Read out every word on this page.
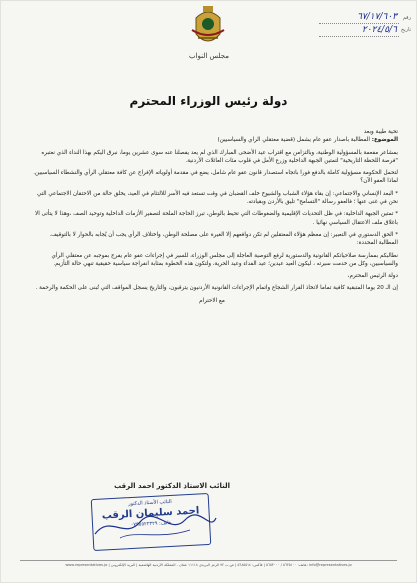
مجلس النواب
رقم
تاريخ
٦٧/١٧/٦٠٣
٢٠٢٤/٥/٦
دولة رئيس الوزراء المحترم
تحية طيبة وبعد
الموضوع: المطالبة باصدار عفو عام يشمل (قضية معتقلي الراي والسياسيين)
بمشاعر مفعمة بالمسؤولية الوطنية، وبالتزامن مع اقتراب عيد الأضحى المبارك الذي لم يعد يفصلنا عنه سوى عشرين يوما، نبرق اليكم بهذا النداء الذي نعتبره "فرصة اللحظة التاريخية" لتمتين الجبهة الداخلية وزرع الأمل في قلوب مئات العائلات الأردنية.
لتحمل الحكومة مسؤولية كاملة بالدفع فورا باتجاه استصدار قانون عفو عام شامل، يضع في مقدمة أولوياته الإفراج عن كافة معتقلي الرأي والنشطاء السياسيين.
لماذا العفو الآن؟
* البعد الإنساني والاجتماعي: إن بقاء هؤلاء الشباب والشيوخ خلف القضبان في وقت تستعد فيه الأسر للالتئام في العيد، يخلق حالة من الاحتقان الاجتماعي التي نحن في غنى عنها ؛ فالعفو رسالة "التسامح" تليق بالأردن وبقيادته.
* تمتين الجبهة الداخلية: في ظل التحديات الإقليمية والضغوطات التي تحيط بالوطن، تبرز الحاجة الملحة لتصفير الأزمات الداخلية وتوحيد الصف ،وهذا لا يتأتى الا باغلاق ملف الاعتقال السياسي نهائيا .
* الحق الدستوري في التعبير: إن معظم هؤلاء المعتقلين لم تكن دوافعهم إلا الغيرة على مصلحة الوطن، واختلاف الرأي يجب أن يُجابه بالحوار لا بالتوقيف.
المطالبة المحددة:
نطالبكم بممارسة صلاحياتكم القانونية والدستورية لرفع التوصية العاجلة إلى مجلس الوزراء، للسير في إجراءات عفو عام يفرج بموجبه عن معتقلي الرأي والسياسيين، وكل من خدمت سيرته ، ليكون العيد عيدين؛ عيد الفداء وعيد الحرية، ولتكون هذه الخطوة بمثابة انفراجة سياسية حقيقية تنهي حالة التأزيم.
دولة الرئيس المحترم،
إن الـ 20 يوما المتبقية كافية تماما لاتخاذ القرار الشجاع واتمام الإجراءات القانونية الأردنيون يترقبون، والتاريخ يسجل المواقف التي تُبنى على الحكمة والرحمة .
مع الاحترام
النائب الاستاذ الدكتور احمد الرقب
النائب الأستاذ الدكتور
احمد سليمان الرقب
هاتف: ٠٧٩٥٥٢٢٣٢٩
www.representatives.jo | هاتف: ٥٦٣٥١٠٠ / ٥٦٥٣٠٠٠ | فاكس: ٥٦٨٥٥١٤ | ص.ب ٧٢ الرمز البريدي ١١١١٨ عمان - المملكة الأردنية الهاشمية | البريد الإلكتروني: info@representatives.jo
